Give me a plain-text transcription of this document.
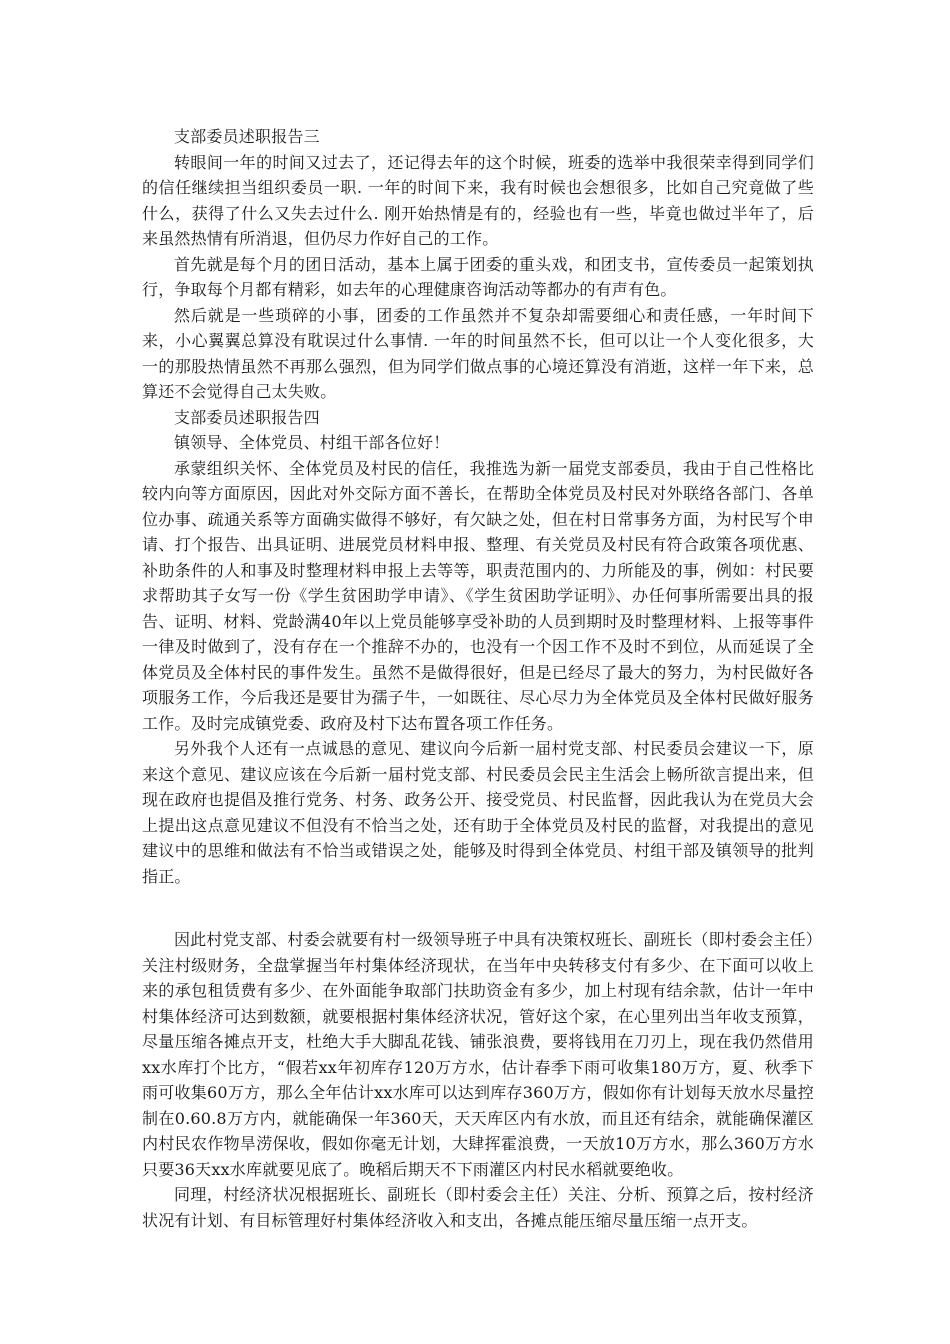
支部委员述职报告三

转眼间一年的时间又过去了，还记得去年的这个时候，班委的选举中我很荣幸得到同学们的信任继续担当组织委员一职. 一年的时间下来，我有时候也会想很多，比如自己究竟做了些什么，获得了什么又失去过什么. 刚开始热情是有的，经验也有一些，毕竟也做过半年了，后来虽然热情有所消退，但仍尽力作好自己的工作。

首先就是每个月的团日活动，基本上属于团委的重头戏，和团支书，宣传委员一起策划执行，争取每个月都有精彩，如去年的心理健康咨询活动等都办的有声有色。

然后就是一些琐碎的小事，团委的工作虽然并不复杂却需要细心和责任感，一年时间下来，小心翼翼总算没有耽误过什么事情. 一年的时间虽然不长，但可以让一个人变化很多，大一的那股热情虽然不再那么强烈，但为同学们做点事的心境还算没有消逝，这样一年下来，总算还不会觉得自己太失败。

支部委员述职报告四

镇领导、全体党员、村组干部各位好！

承蒙组织关怀、全体党员及村民的信任，我推选为新一届党支部委员，我由于自己性格比较内向等方面原因，因此对外交际方面不善长，在帮助全体党员及村民对外联络各部门、各单位办事、疏通关系等方面确实做得不够好，有欠缺之处，但在村日常事务方面，为村民写个申请、打个报告、出具证明、进展党员材料申报、整理、有关党员及村民有符合政策各项优惠、补助条件的人和事及时整理材料申报上去等等，职责范围内的、力所能及的事，例如：村民要求帮助其子女写一份《学生贫困助学申请》、《学生贫困助学证明》、办任何事所需要出具的报告、证明、材料、党龄满40年以上党员能够享受补助的人员到期时及时整理材料、上报等事件一律及时做到了，没有存在一个推辞不办的，也没有一个因工作不及时不到位，从而延误了全体党员及全体村民的事件发生。虽然不是做得很好，但是已经尽了最大的努力，为村民做好各项服务工作，今后我还是要甘为孺子牛，一如既往、尽心尽力为全体党员及全体村民做好服务工作。及时完成镇党委、政府及村下达布置各项工作任务。

另外我个人还有一点诚恳的意见、建议向今后新一届村党支部、村民委员会建议一下，原来这个意见、建议应该在今后新一届村党支部、村民委员会民主生活会上畅所欲言提出来，但现在政府也提倡及推行党务、村务、政务公开、接受党员、村民监督，因此我认为在党员大会上提出这点意见建议不但没有不恰当之处，还有助于全体党员及村民的监督，对我提出的意见建议中的思维和做法有不恰当或错误之处，能够及时得到全体党员、村组干部及镇领导的批判指正。

因此村党支部、村委会就要有村一级领导班子中具有决策权班长、副班长（即村委会主任）关注村级财务，全盘掌握当年村集体经济现状，在当年中央转移支付有多少、在下面可以收上来的承包租赁费有多少、在外面能争取部门扶助资金有多少，加上村现有结余款，估计一年中村集体经济可达到数额，就要根据村集体经济状况，管好这个家，在心里列出当年收支预算，尽量压缩各摊点开支，杜绝大手大脚乱花钱、铺张浪费，要将钱用在刀刃上，现在我仍然借用xx水库打个比方，“假若xx年初库存120万方水，估计春季下雨可收集180万方，夏、秋季下雨可收集60万方，那么全年估计xx水库可以达到库存360万方，假如你有计划每天放水尽量控制在0.60.8万方内，就能确保一年360天，天天库区内有水放，而且还有结余，就能确保灌区内村民农作物旱涝保收，假如你毫无计划，大肆挥霍浪费，一天放10万方水，那么360万方水只要36天xx水库就要见底了。晚稻后期天不下雨灌区内村民水稻就要绝收。

同理，村经济状况根据班长、副班长（即村委会主任）关注、分析、预算之后，按村经济状况有计划、有目标管理好村集体经济收入和支出，各摊点能压缩尽量压缩一点开支。
